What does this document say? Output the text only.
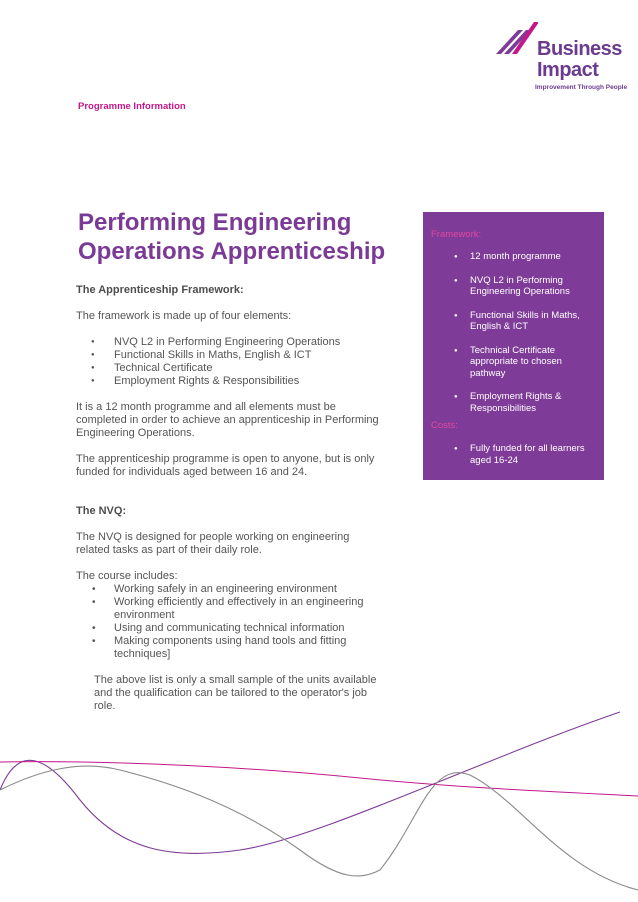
Business
Impact
Improvement Through People
Programme Information
Performing Engineering
Operations Apprenticeship
The Apprenticeship Framework:

The framework is made up of four elements:

● NVQ L2 in Performing Engineering Operations
● Functional Skills in Maths, English & ICT
● Technical Certificate
● Employment Rights & Responsibilities

It is a 12 month programme and all elements must be completed in order to achieve an apprenticeship in Performing Engineering Operations.

The apprenticeship programme is open to anyone, but is only funded for individuals aged between 16 and 24.

The NVQ:

The NVQ is designed for people working on engineering related tasks as part of their daily role.

The course includes:

• Working safely in an engineering environment
• Working efficiently and effectively in an engineering environment
• Using and communicating technical information
• Making components using hand tools and fitting techniques]

The above list is only a small sample of the units available and the qualification can be tailored to the operator's job role.

Framework:
● 12 month programme
● NVQ L2 in Performing Engineering Operations
● Functional Skills in Maths, English & ICT
● Technical Certificate appropriate to chosen pathway
● Employment Rights & Responsibilities
Costs:
● Fully funded for all learners aged 16-24
